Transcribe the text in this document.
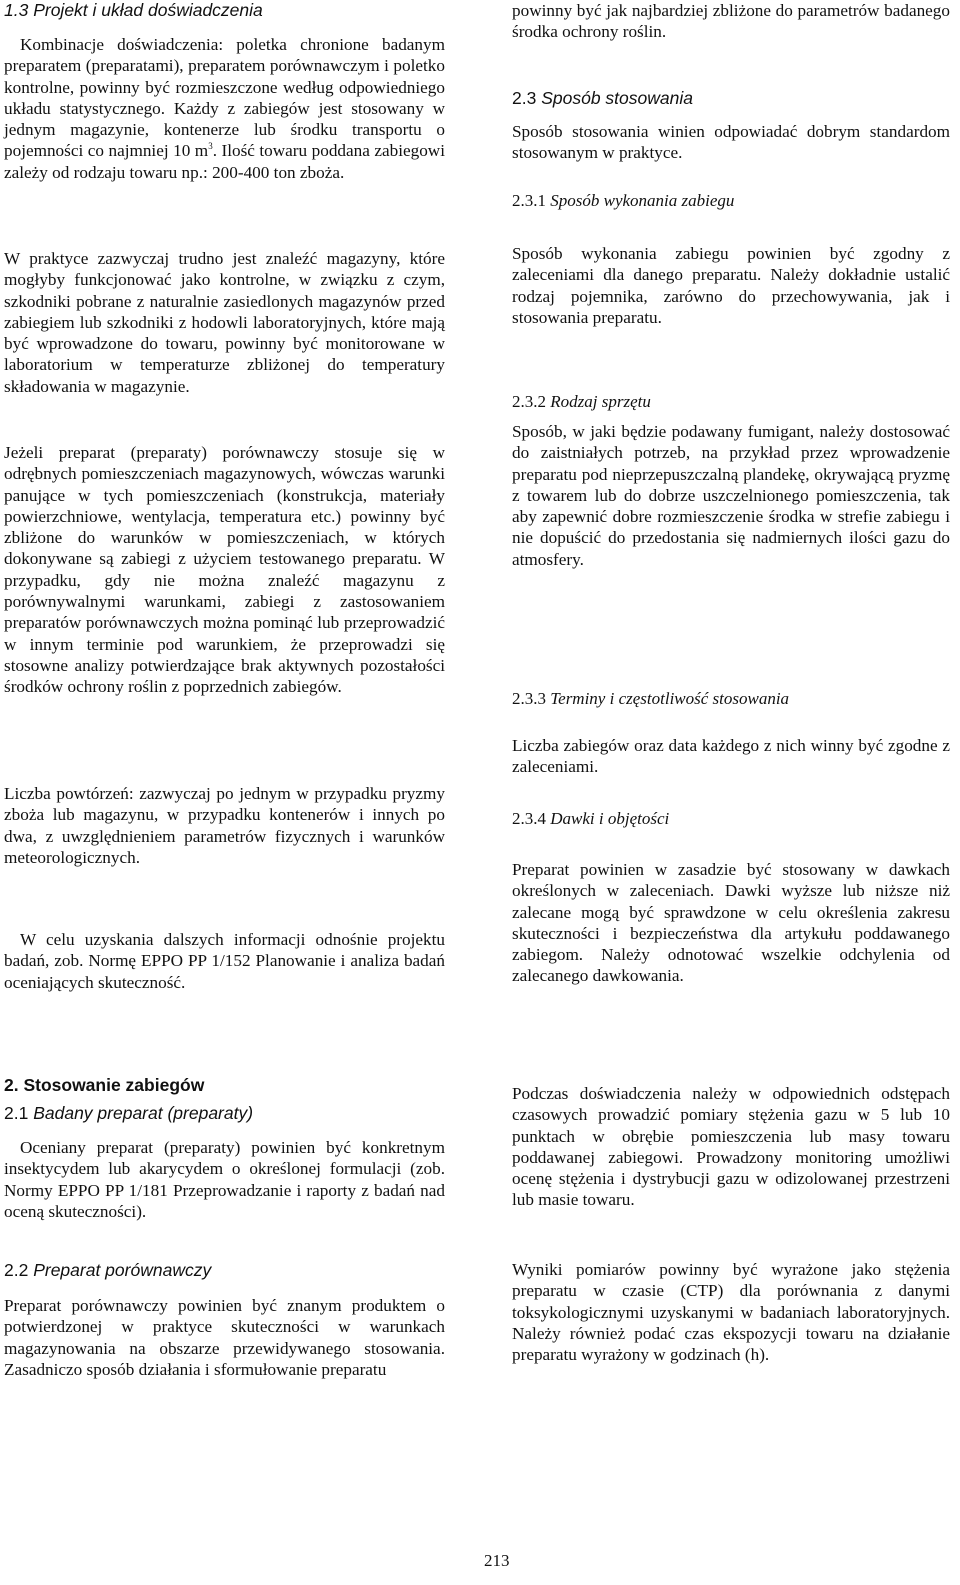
1.3 Projekt i układ doświadczenia

Kombinacje doświadczenia: poletka chronione badanym preparatem (preparatami), preparatem porównawczym i poletko kontrolne, powinny być rozmieszczone według odpowiedniego układu statystycznego. Każdy z zabiegów jest stosowany w jednym magazynie, kontenerze lub środku transportu o pojemności co najmniej 10 $m^3$. Ilość towaru poddana zabiegowi zależy od rodzaju towaru np.: 200-400 ton zboża.

W praktyce zazwyczaj trudno jest znaleźć magazyny, które mogłyby funkcjonować jako kontrolne, w związku z czym, szkodniki pobrane z naturalnie zasiedlonych magazynów przed zabiegiem lub szkodniki z hodowli laboratoryjnych, które mają być wprowadzone do towaru, powinny być monitorowane w laboratorium w temperaturze zbliżonej do temperatury składowania w magazynie.

Jeżeli preparat (preparaty) porównawczy stosuje się w odrębnych pomieszczeniach magazynowych, wówczas warunki panujące w tych pomieszczeniach (konstrukcja, materiały powierzchniowe, wentylacja, temperatura etc.) powinny być zbliżone do warunków w pomieszczeniach, w których dokonywane są zabiegi z użyciem testowanego preparatu. W przypadku, gdy nie można znaleźć magazynu z porównywalnymi warunkami, zabiegi z zastosowaniem preparatów porównawczych można pominąć lub przeprowadzić w innym terminie pod warunkiem, że przeprowadzi się stosowne analizy potwierdzające brak aktywnych pozostałości środków ochrony roślin z poprzednich zabiegów.

Liczba powtórzeń: zazwyczaj po jednym w przypadku pryzmy zboża lub magazynu, w przypadku kontenerów i innych po dwa, z uwzględnieniem parametrów fizycznych i warunków meteorologicznych.

W celu uzyskania dalszych informacji odnośnie projektu badań, zob. Normę EPPO PP 1/152 Planowanie i analiza badań oceniających skuteczność.

2. Stosowanie zabiegów
2.1 Badany preparat (preparaty)

Oceniany preparat (preparaty) powinien być konkretnym insektycydem lub akarycydem o określonej formulacji (zob. Normy EPPO PP 1/181 Przeprowadzanie i raporty z badań nad oceną skuteczności).

2.2 Preparat porównawczy

Preparat porównawczy powinien być znanym produktem o potwierdzonej w praktyce skuteczności w warunkach magazynowania na obszarze przewidywanego stosowania. Zasadniczo sposób działania i sformułowanie preparatu

powinny być jak najbardziej zbliżone do parametrów badanego środka ochrony roślin.

2.3 Sposób stosowania

Sposób stosowania winien odpowiadać dobrym standardom stosowanym w praktyce.

2.3.1 Sposób wykonania zabiegu

Sposób wykonania zabiegu powinien być zgodny z zaleceniami dla danego preparatu. Należy dokładnie ustalić rodzaj pojemnika, zarówno do przechowywania, jak i stosowania preparatu.

2.3.2 Rodzaj sprzętu

Sposób, w jaki będzie podawany fumigant, należy dostosować do zaistniałych potrzeb, na przykład przez wprowadzenie preparatu pod nieprzepuszczalną plandekę, okrywającą pryzmę z towarem lub do dobrze uszczelnionego pomieszczenia, tak aby zapewnić dobre rozmieszczenie środka w strefie zabiegu i nie dopuścić do przedostania się nadmiernych ilości gazu do atmosfery.

2.3.3 Terminy i częstotliwość stosowania

Liczba zabiegów oraz data każdego z nich winny być zgodne z zaleceniami.

2.3.4 Dawki i objętości

Preparat powinien w zasadzie być stosowany w dawkach określonych w zaleceniach. Dawki wyższe lub niższe niż zalecane mogą być sprawdzone w celu określenia zakresu skuteczności i bezpieczeństwa dla artykułu poddawanego zabiegom. Należy odnotować wszelkie odchylenia od zalecanego dawkowania.

Podczas doświadczenia należy w odpowiednich odstępach czasowych prowadzić pomiary stężenia gazu w 5 lub 10 punktach w obrębie pomieszczenia lub masy towaru poddawanej zabiegowi. Prowadzony monitoring umożliwi ocenę stężenia i dystrybucji gazu w odizolowanej przestrzeni lub masie towaru.

Wyniki pomiarów powinny być wyrażone jako stężenia preparatu w czasie (CTP) dla porównania z danymi toksykologicznymi uzyskanymi w badaniach laboratoryjnych. Należy również podać czas ekspozycji towaru na działanie preparatu wyrażony w godzinach (h).

213
